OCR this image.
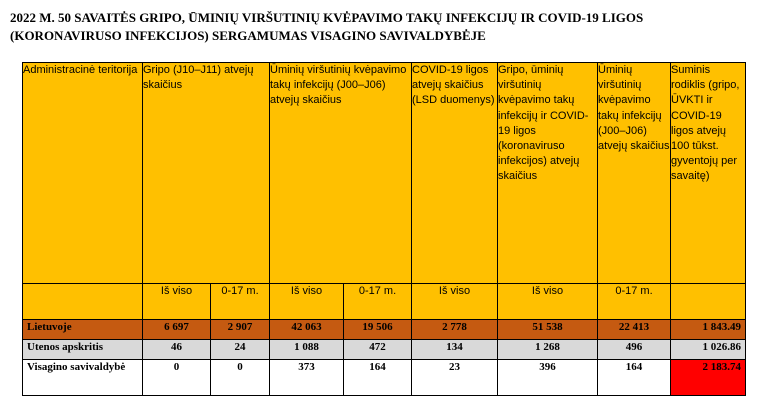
2022 M. 50 SAVAITĖS GRIPO, ŪMINIŲ VIRŠUTINIŲ KVĖPAVIMO TAKŲ INFEKCIJŲ IR COVID-19 LIGOS (KORONAVIRUSO INFEKCIJOS) SERGAMUMAS VISAGINO SAVIVALDYBĖJE
Administracinė teritorija	Gripo (J10–J11) atvejų skaičius		Ūminių viršutinių kvėpavimo takų infekcijų (J00–J06) atvejų skaičius		COVID-19 ligos atvejų skaičius (LSD duomenys)	Gripo, ūminių viršutinių kvėpavimo takų infekcijų ir COVID-19 ligos (koronaviruso infekcijos) atvejų skaičius	Ūminių viršutinių kvėpavimo takų infekcijų (J00–J06) atvejų skaičius	Suminis rodiklis (gripo, ŪVKTI ir COVID-19 ligos atvejų 100 tūkst. gyventojų per savaitę)
	Iš viso	0-17 m.	Iš viso	0-17 m.	Iš viso	Iš viso	0-17 m.	
Lietuvoje	6 697	2 907	42 063	19 506	2 778	51 538	22 413	1 843.49
Utenos apskritis	46	24	1 088	472	134	1 268	496	1 026.86
Visagino savivaldybė	0	0	373	164	23	396	164	2 183.74
